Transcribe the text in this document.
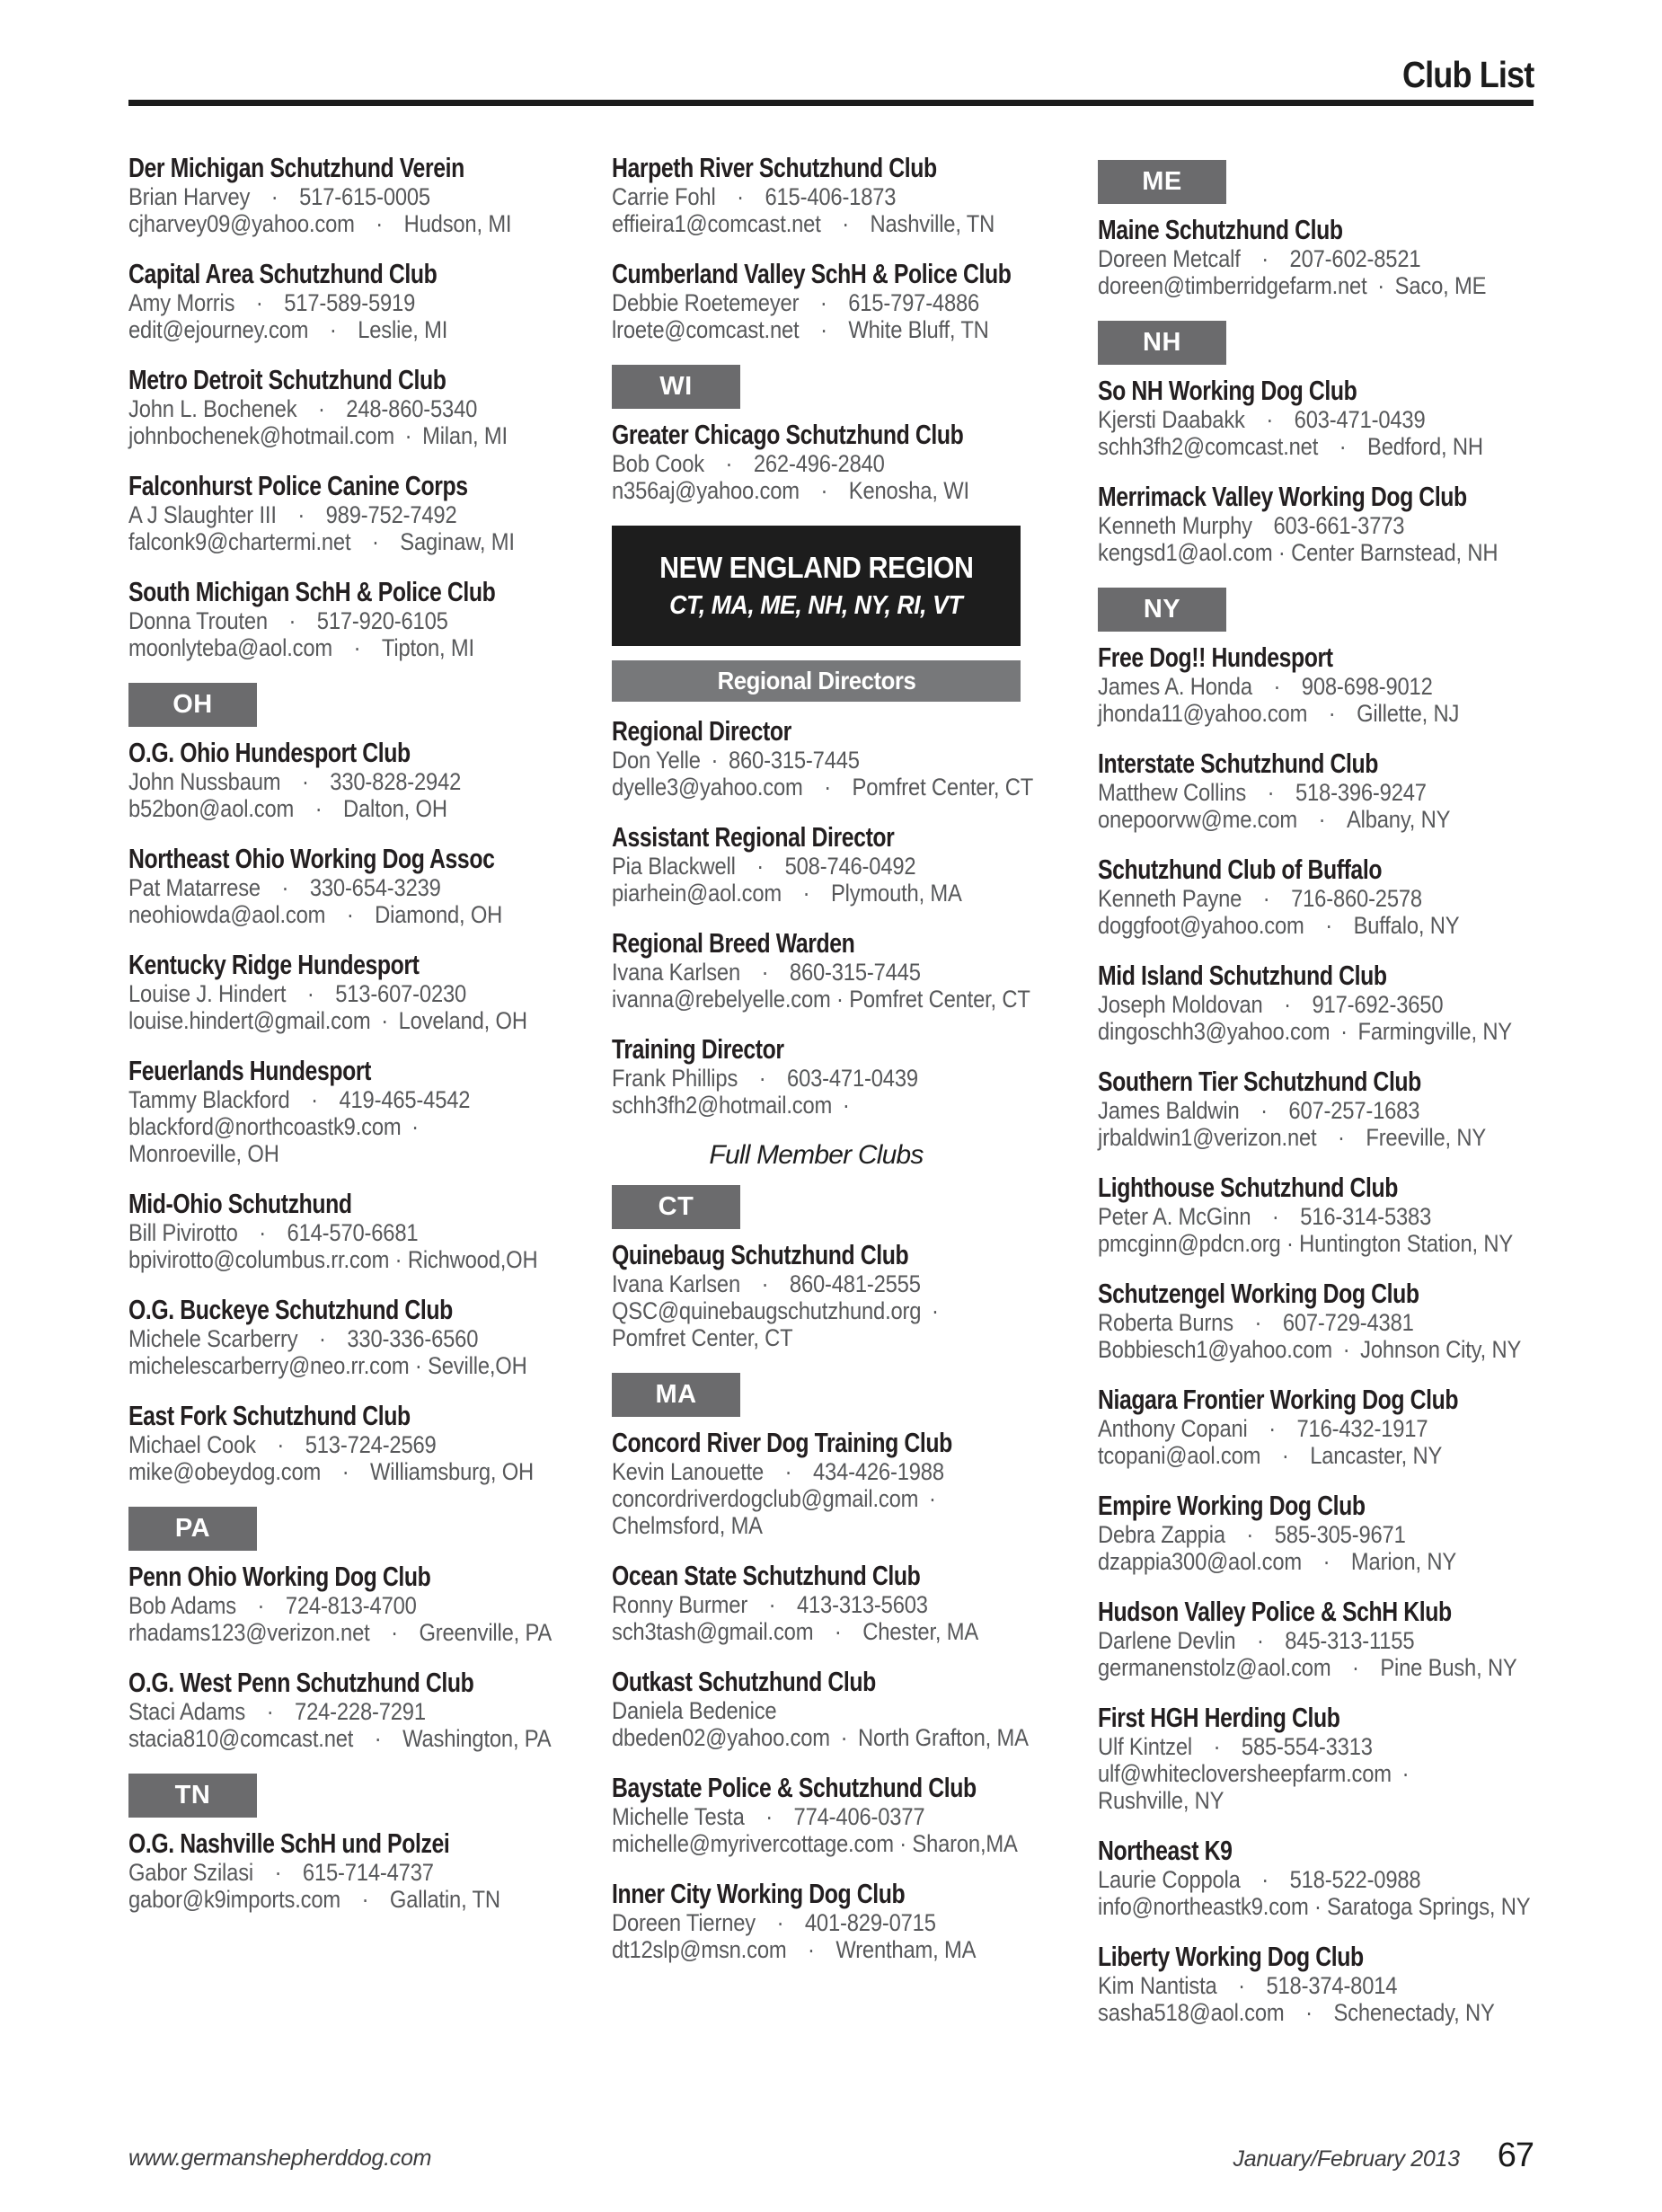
Club List
Der Michigan Schutzhund Verein
Brian Harvey · 517-615-0005
cjharvey09@yahoo.com · Hudson, MI
Capital Area Schutzhund Club
Amy Morris · 517-589-5919
edit@ejourney.com · Leslie, MI
Metro Detroit Schutzhund Club
John L. Bochenek · 248-860-5340
johnbochenek@hotmail.com · Milan, MI
Falconhurst Police Canine Corps
A J Slaughter III · 989-752-7492
falconk9@chartermi.net · Saginaw, MI
South Michigan SchH & Police Club
Donna Trouten · 517-920-6105
moonlyteba@aol.com · Tipton, MI
OH
O.G. Ohio Hundesport Club
John Nussbaum · 330-828-2942
b52bon@aol.com · Dalton, OH
Northeast Ohio Working Dog Assoc
Pat Matarrese · 330-654-3239
neohiowda@aol.com · Diamond, OH
Kentucky Ridge Hundesport
Louise J. Hindert · 513-607-0230
louise.hindert@gmail.com · Loveland, OH
Feuerlands Hundesport
Tammy Blackford · 419-465-4542
blackford@northcoastk9.com ·
Monroeville, OH
Mid-Ohio Schutzhund
Bill Pivirotto · 614-570-6681
bpivirotto@columbus.rr.com · Richwood,OH
O.G. Buckeye Schutzhund Club
Michele Scarberry · 330-336-6560
michelescarberry@neo.rr.com · Seville,OH
East Fork Schutzhund Club
Michael Cook · 513-724-2569
mike@obeydog.com · Williamsburg, OH
PA
Penn Ohio Working Dog Club
Bob Adams · 724-813-4700
rhadams123@verizon.net · Greenville, PA
O.G. West Penn Schutzhund Club
Staci Adams · 724-228-7291
stacia810@comcast.net · Washington, PA
TN
O.G. Nashville SchH und Polzei
Gabor Szilasi · 615-714-4737
gabor@k9imports.com · Gallatin, TN
Harpeth River Schutzhund Club
Carrie Fohl · 615-406-1873
effieira1@comcast.net · Nashville, TN
Cumberland Valley SchH & Police Club
Debbie Roetemeyer · 615-797-4886
lroete@comcast.net · White Bluff, TN
WI
Greater Chicago Schutzhund Club
Bob Cook · 262-496-2840
n356aj@yahoo.com · Kenosha, WI
NEW ENGLAND REGION
CT, MA, ME, NH, NY, RI, VT
Regional Directors
Regional Director
Don Yelle · 860-315-7445
dyelle3@yahoo.com · Pomfret Center, CT
Assistant Regional Director
Pia Blackwell · 508-746-0492
piarhein@aol.com · Plymouth, MA
Regional Breed Warden
Ivana Karlsen · 860-315-7445
ivanna@rebelyelle.com · Pomfret Center, CT
Training Director
Frank Phillips · 603-471-0439
schh3fh2@hotmail.com ·
Full Member Clubs
CT
Quinebaug Schutzhund Club
Ivana Karlsen · 860-481-2555
QSC@quinebaugschutzhund.org ·
Pomfret Center, CT
MA
Concord River Dog Training Club
Kevin Lanouette · 434-426-1988
concordriverdogclub@gmail.com ·
Chelmsford, MA
Ocean State Schutzhund Club
Ronny Burmer · 413-313-5603
sch3tash@gmail.com · Chester, MA
Outkast Schutzhund Club
Daniela Bedenice
dbeden02@yahoo.com · North Grafton, MA
Baystate Police & Schutzhund Club
Michelle Testa · 774-406-0377
michelle@myrivercottage.com · Sharon,MA
Inner City Working Dog Club
Doreen Tierney · 401-829-0715
dt12slp@msn.com · Wrentham, MA
ME
Maine Schutzhund Club
Doreen Metcalf · 207-602-8521
doreen@timberridgefarm.net · Saco, ME
NH
So NH Working Dog Club
Kjersti Daabakk · 603-471-0439
schh3fh2@comcast.net · Bedford, NH
Merrimack Valley Working Dog Club
Kenneth Murphy 603-661-3773
kengsd1@aol.com · Center Barnstead, NH
NY
Free Dog!! Hundesport
James A. Honda · 908-698-9012
jhonda11@yahoo.com · Gillette, NJ
Interstate Schutzhund Club
Matthew Collins · 518-396-9247
onepoorvw@me.com · Albany, NY
Schutzhund Club of Buffalo
Kenneth Payne · 716-860-2578
doggfoot@yahoo.com · Buffalo, NY
Mid Island Schutzhund Club
Joseph Moldovan · 917-692-3650
dingoschh3@yahoo.com · Farmingville, NY
Southern Tier Schutzhund Club
James Baldwin · 607-257-1683
jrbaldwin1@verizon.net · Freeville, NY
Lighthouse Schutzhund Club
Peter A. McGinn · 516-314-5383
pmcginn@pdcn.org · Huntington Station, NY
Schutzengel Working Dog Club
Roberta Burns · 607-729-4381
Bobbiesch1@yahoo.com · Johnson City, NY
Niagara Frontier Working Dog Club
Anthony Copani · 716-432-1917
tcopani@aol.com · Lancaster, NY
Empire Working Dog Club
Debra Zappia · 585-305-9671
dzappia300@aol.com · Marion, NY
Hudson Valley Police & SchH Klub
Darlene Devlin · 845-313-1155
germanenstolz@aol.com · Pine Bush, NY
First HGH Herding Club
Ulf Kintzel · 585-554-3313
ulf@whitecloversheepfarm.com ·
Rushville, NY
Northeast K9
Laurie Coppola · 518-522-0988
info@northeastk9.com · Saratoga Springs, NY
Liberty Working Dog Club
Kim Nantista · 518-374-8014
sasha518@aol.com · Schenectady, NY
www.germanshepherddog.com	January/February 2013 67
